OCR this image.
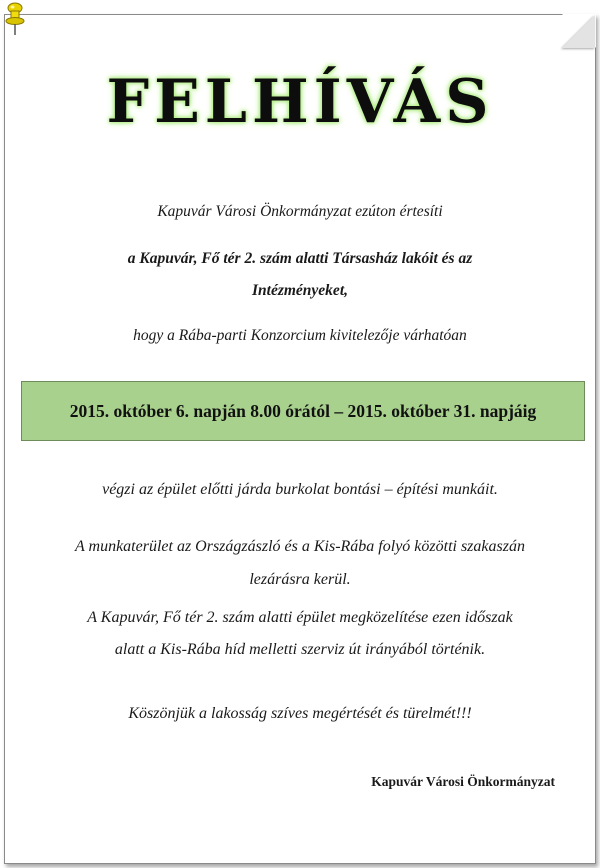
FELHÍVÁS
Kapuvár Városi Önkormányzat ezúton értesíti
a Kapuvár, Fő tér 2. szám alatti Társasház lakóit és az
Intézményeket,
hogy a Rába-parti Konzorcium kivitelezője várhatóan
2015. október 6. napján 8.00 órától – 2015. október 31. napjáig
végzi az épület előtti járda burkolat bontási – építési munkáit.
A munkaterület az Országzászló és a Kis-Rába folyó közötti szakaszán
lezárásra kerül.
A Kapuvár, Fő tér 2. szám alatti épület megközelítése ezen időszak
alatt a Kis-Rába híd melletti szerviz út irányából történik.
Köszönjük a lakosság szíves megértését és türelmét!!!
Kapuvár Városi Önkormányzat
